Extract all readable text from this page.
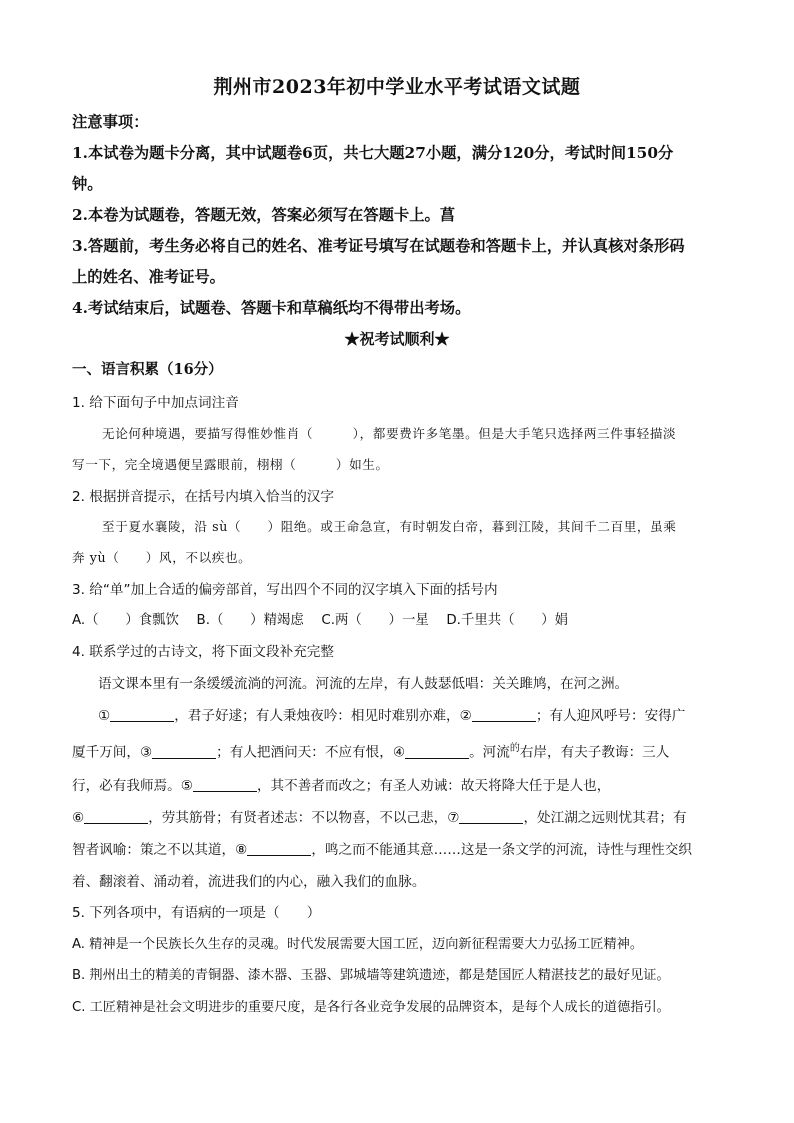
荆州市2023年初中学业水平考试语文试题
注意事项：
1.本试卷为题卡分离，其中试题卷6页，共七大题27小题，满分120分，考试时间150分
钟。
2.本卷为试题卷，答题无效，答案必须写在答题卡上。菖
3.答题前，考生务必将自己的姓名、准考证号填写在试题卷和答题卡上，并认真核对条形码
上的姓名、准考证号。
4.考试结束后，试题卷、答题卡和草稿纸均不得带出考场。
★祝考试顺利★
一、语言积累（16分）
1. 给下面句子中加点词注音
无论何种境遇，要描写得惟妙惟肖（　　　），都要费许多笔墨。但是大手笔只选择两三件事轻描淡
写一下，完全境遇便呈露眼前，栩栩（　　　）如生。
2. 根据拼音提示，在括号内填入恰当的汉字
至于夏水襄陵，沿 sù（　　）阻绝。或王命急宣，有时朝发白帝，暮到江陵，其间千二百里，虽乘
奔 yù（　　）风，不以疾也。
3. 给“单”加上合适的偏旁部首，写出四个不同的汉字填入下面的括号内
A.（　　）食瓢饮　 B.（　　）精竭虑　 C.两（　　）一星　 D.千里共（　　）娟
4. 联系学过的古诗文，将下面文段补充完整
语文课本里有一条缓缓流淌的河流。河流的左岸，有人鼓瑟低唱：关关雎鸠，在河之洲。
①	，君子好逑；有人秉烛夜吟：相见时难别亦难，②	；有人迎风呼号：安得广
厦千万间，③	；有人把酒问天：不应有恨，④	。河流$^的$右岸，有夫子教诲：三人
行，必有我师焉。⑤	，其不善者而改之；有圣人劝诫：故天将降大任于是人也，
⑥	，劳其筋骨；有贤者述志：不以物喜，不以己悲，⑦	，处江湖之远则忧其君；有
智者讽喻：策之不以其道，⑧	，鸣之而不能通其意……这是一条文学的河流，诗性与理性交织
着、翻滚着、涌动着，流进我们的内心，融入我们的血脉。
5. 下列各项中，有语病的一项是（　　）
A. 精神是一个民族长久生存的灵魂。时代发展需要大国工匠，迈向新征程需要大力弘扬工匠精神。
B. 荆州出土的精美的青铜器、漆木器、玉器、郢城墙等建筑遗迹，都是楚国匠人精湛技艺的最好见证。
C. 工匠精神是社会文明进步的重要尺度，是各行各业竞争发展的品牌资本，是每个人成长的道德指引。
